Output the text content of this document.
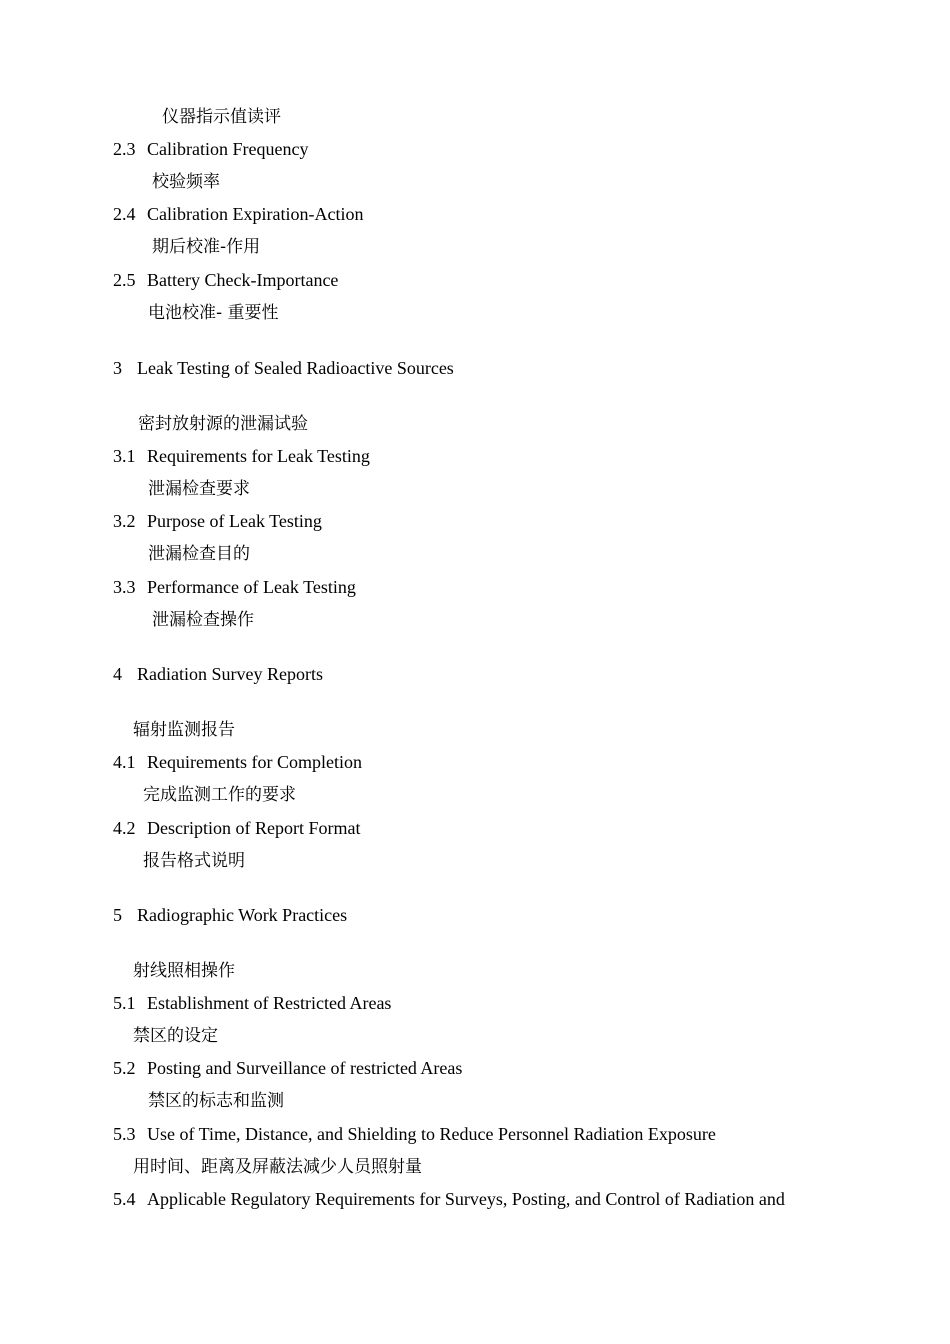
仪器指示值读评
2.3 Calibration Frequency
校验频率
2.4 Calibration Expiration-Action
期后校准-作用
2.5 Battery Check-Importance
电池校准- 重要性
3 Leak Testing of Sealed Radioactive Sources
密封放射源的泄漏试验
3.1 Requirements for Leak Testing
泄漏检查要求
3.2 Purpose of Leak Testing
泄漏检查目的
3.3 Performance of Leak Testing
泄漏检查操作
4 Radiation Survey Reports
辐射监测报告
4.1 Requirements for Completion
完成监测工作的要求
4.2 Description of Report Format
报告格式说明
5 Radiographic Work Practices
射线照相操作
5.1 Establishment of Restricted Areas
禁区的设定
5.2 Posting and Surveillance of restricted Areas
禁区的标志和监测
5.3 Use of Time, Distance, and Shielding to Reduce Personnel Radiation Exposure
用时间、距离及屏蔽法减少人员照射量
5.4 Applicable Regulatory Requirements for Surveys, Posting, and Control of Radiation and
